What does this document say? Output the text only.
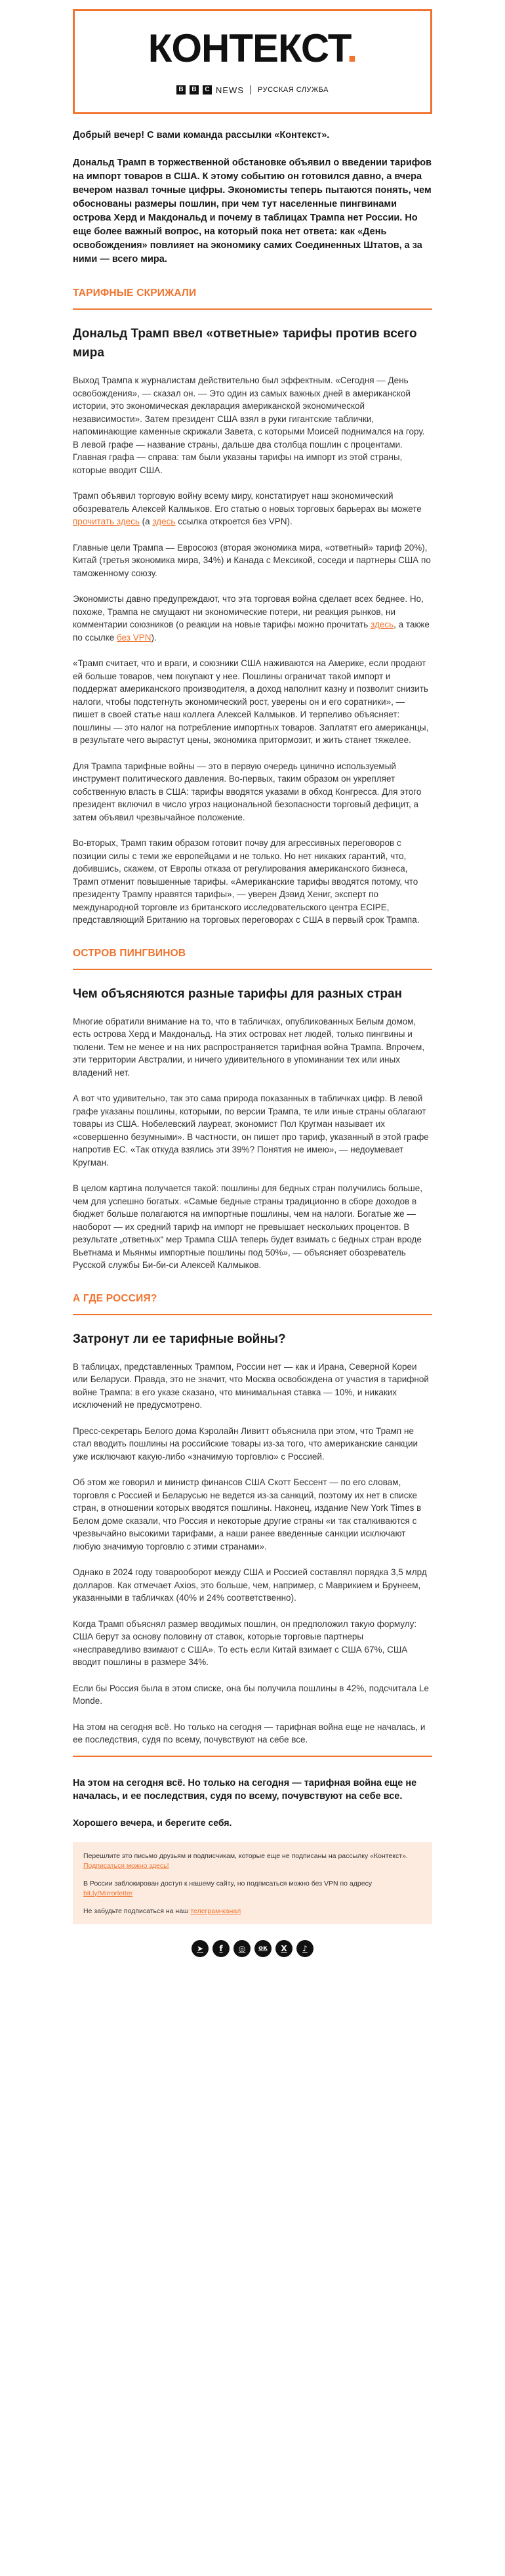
КОНТЕКСТ.
B	B	C NEWS РУССКАЯ СЛУЖБА

Добрый вечер! С вами команда рассылки «Контекст».

Дональд Трамп в торжественной обстановке объявил о введении тарифов на импорт товаров в США. К этому событию он готовился давно, а вчера вечером назвал точные цифры. Экономисты теперь пытаются понять, чем обоснованы размеры пошлин, при чем тут населенные пингвинами острова Херд и Макдональд и почему в таблицах Трампа нет России. Но еще более важный вопрос, на который пока нет ответа: как «День освобождения» повлияет на экономику самих Соединенных Штатов, а за ними — всего мира.

ТАРИФНЫЕ СКРИЖАЛИ
Дональд Трамп ввел «ответные» тарифы против всего мира

Выход Трампа к журналистам действительно был эффектным. «Сегодня — День освобождения», — сказал он. — Это один из самых важных дней в американской истории, это экономическая декларация американской экономической независимости». Затем президент США взял в руки гигантские таблички, напоминающие каменные скрижали Завета, с которыми Моисей поднимался на гору. В левой графе — название страны, дальше два столбца пошлин с процентами. Главная графа — справа: там были указаны тарифы на импорт из этой страны, которые вводит США.

Трамп объявил торговую войну всему миру, констатирует наш экономический обозреватель Алексей Калмыков. Его статью о новых торговых барьерах вы можете прочитать здесь (а здесь ссылка откроется без VPN).

Главные цели Трампа — Евросоюз (вторая экономика мира, «ответный» тариф 20%), Китай (третья экономика мира, 34%) и Канада с Мексикой, соседи и партнеры США по таможенному союзу.

Экономисты давно предупреждают, что эта торговая война сделает всех беднее. Но, похоже, Трампа не смущают ни экономические потери, ни реакция рынков, ни комментарии союзников (о реакции на новые тарифы можно прочитать здесь, а также по ссылке без VPN).

«Трамп считает, что и враги, и союзники США наживаются на Америке, если продают ей больше товаров, чем покупают у нее. Пошлины ограничат такой импорт и поддержат американского производителя, а доход наполнит казну и позволит снизить налоги, чтобы подстегнуть экономический рост, уверены он и его соратники», — пишет в своей статье наш коллега Алексей Калмыков. И терпеливо объясняет: пошлины — это налог на потребление импортных товаров. Заплатят его американцы, в результате чего вырастут цены, экономика притормозит, и жить станет тяжелее.

Для Трампа тарифные войны — это в первую очередь цинично используемый инструмент политического давления. Во-первых, таким образом он укрепляет собственную власть в США: тарифы вводятся указами в обход Конгресса. Для этого президент включил в число угроз национальной безопасности торговый дефицит, а затем объявил чрезвычайное положение.

Во-вторых, Трамп таким образом готовит почву для агрессивных переговоров с позиции силы с теми же европейцами и не только. Но нет никаких гарантий, что, добившись, скажем, от Европы отказа от регулирования американского бизнеса, Трамп отменит повышенные тарифы. «Американские тарифы вводятся потому, что президенту Трампу нравятся тарифы», — уверен Дэвид Хениг, эксперт по международной торговле из британского исследовательского центра ECIPE, представляющий Британию на торговых переговорах с США в первый срок Трампа.

ОСТРОВ ПИНГВИНОВ
Чем объясняются разные тарифы для разных стран

Многие обратили внимание на то, что в табличках, опубликованных Белым домом, есть острова Херд и Макдональд. На этих островах нет людей, только пингвины и тюлени. Тем не менее и на них распространяется тарифная война Трампа. Впрочем, эти территории Австралии, и ничего удивительного в упоминании тех или иных владений нет.

А вот что удивительно, так это сама природа показанных в табличках цифр. В левой графе указаны пошлины, которыми, по версии Трампа, те или иные страны облагают товары из США. Нобелевский лауреат, экономист Пол Кругман называет их «совершенно безумными». В частности, он пишет про тариф, указанный в этой графе напротив ЕС. «Так откуда взялись эти 39%? Понятия не имею», — недоумевает Кругман.

В целом картина получается такой: пошлины для бедных стран получились больше, чем для успешно богатых. «Самые бедные страны традиционно в сборе доходов в бюджет больше полагаются на импортные пошлины, чем на налоги. Богатые же — наоборот — их средний тариф на импорт не превышает нескольких процентов. В результате „ответных“ мер Трампа США теперь будет взимать с бедных стран вроде Вьетнама и Мьянмы импортные пошлины под 50%», — объясняет обозреватель Русской службы Би-би-си Алексей Калмыков.

А ГДЕ РОССИЯ?
Затронут ли ее тарифные войны?

В таблицах, представленных Трампом, России нет — как и Ирана, Северной Кореи или Беларуси. Правда, это не значит, что Москва освобождена от участия в тарифной войне Трампа: в его указе сказано, что минимальная ставка — 10%, и никаких исключений не предусмотрено.

Пресс-секретарь Белого дома Кэролайн Ливитт объяснила при этом, что Трамп не стал вводить пошлины на российские товары из-за того, что американские санкции уже исключают какую-либо «значимую торговлю» с Россией.

Об этом же говорил и министр финансов США Скотт Бессент — по его словам, торговля с Россией и Беларусью не ведется из-за санкций, поэтому их нет в списке стран, в отношении которых вводятся пошлины. Наконец, издание New York Times в Белом доме сказали, что Россия и некоторые другие страны «и так сталкиваются с чрезвычайно высокими тарифами, а наши ранее введенные санкции исключают любую значимую торговлю с этими странами».

Однако в 2024 году товарооборот между США и Россией составлял порядка 3,5 млрд долларов. Как отмечает Axios, это больше, чем, например, с Маврикием и Брунеем, указанными в табличках (40% и 24% соответственно).

Когда Трамп объяснял размер вводимых пошлин, он предположил такую формулу: США берут за основу половину от ставок, которые торговые партнеры «несправедливо взимают с США». То есть если Китай взимает с США 67%, США вводит пошлины в размере 34%.

Если бы Россия была в этом списке, она бы получила пошлины в 42%, подсчитала Le Monde.

На этом на сегодня всё. Но только на сегодня — тарифная война еще не началась, и ее последствия, судя по всему, почувствуют на себе все.

На этом на сегодня всё. Но только на сегодня — тарифная война еще не началась, и ее последствия, судя по всему, почувствуют на себе все.

Хорошего вечера, и берегите себя.

Перешлите это письмо друзьям и подписчикам, которые еще не подписаны на рассылку «Контекст». Подписаться можно здесь!

В России заблокирован доступ к нашему сайту, но подписаться можно без VPN по адресу bit.ly/Mirrorletter

Не забудьте подписаться на наш телеграм-канал

➤	f	◎	ок	X	♪
